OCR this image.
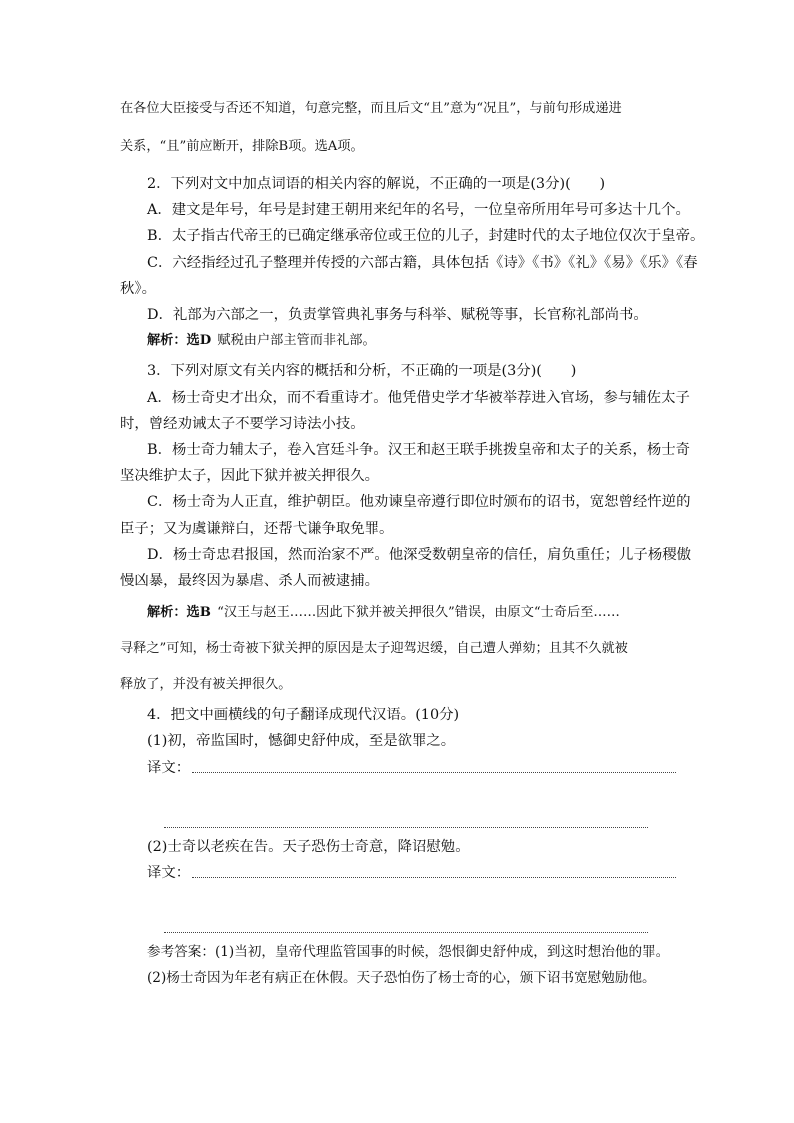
在各位大臣接受与否还不知道，句意完整，而且后文“且”意为“况且”，与前句形成递进
关系，“且”前应断开，排除B项。选A项。
2．下列对文中加点词语的相关内容的解说，不正确的一项是(3分)(　　)
A．建文是年号，年号是封建王朝用来纪年的名号，一位皇帝所用年号可多达十几个。
B．太子指古代帝王的已确定继承帝位或王位的儿子，封建时代的太子地位仅次于皇帝。
C．六经指经过孔子整理并传授的六部古籍，具体包括《诗》《书》《礼》《易》《乐》《春
秋》。
D．礼部为六部之一，负责掌管典礼事务与科举、赋税等事，长官称礼部尚书。
解析：选D 赋税由户部主管而非礼部。
3．下列对原文有关内容的概括和分析，不正确的一项是(3分)(　　)
A．杨士奇史才出众，而不看重诗才。他凭借史学才华被举荐进入官场，参与辅佐太子
时，曾经劝诫太子不要学习诗法小技。
B．杨士奇力辅太子，卷入宫廷斗争。汉王和赵王联手挑拨皇帝和太子的关系，杨士奇
坚决维护太子，因此下狱并被关押很久。
C．杨士奇为人正直，维护朝臣。他劝谏皇帝遵行即位时颁布的诏书，宽恕曾经忤逆的
臣子；又为虞谦辩白，还帮弋谦争取免罪。
D．杨士奇忠君报国，然而治家不严。他深受数朝皇帝的信任，肩负重任；儿子杨稷傲
慢凶暴，最终因为暴虐、杀人而被逮捕。
解析：选B “汉王与赵王……因此下狱并被关押很久”错误，由原文“士奇后至……
寻释之”可知，杨士奇被下狱关押的原因是太子迎驾迟缓，自己遭人弹劾；且其不久就被
释放了，并没有被关押很久。
4．把文中画横线的句子翻译成现代汉语。(10分)
(1)初，帝监国时，憾御史舒仲成，至是欲罪之。
译文：
(2)士奇以老疾在告。天子恐伤士奇意，降诏慰勉。
译文：
参考答案：(1)当初，皇帝代理监管国事的时候，怨恨御史舒仲成，到这时想治他的罪。
(2)杨士奇因为年老有病正在休假。天子恐怕伤了杨士奇的心，颁下诏书宽慰勉励他。
